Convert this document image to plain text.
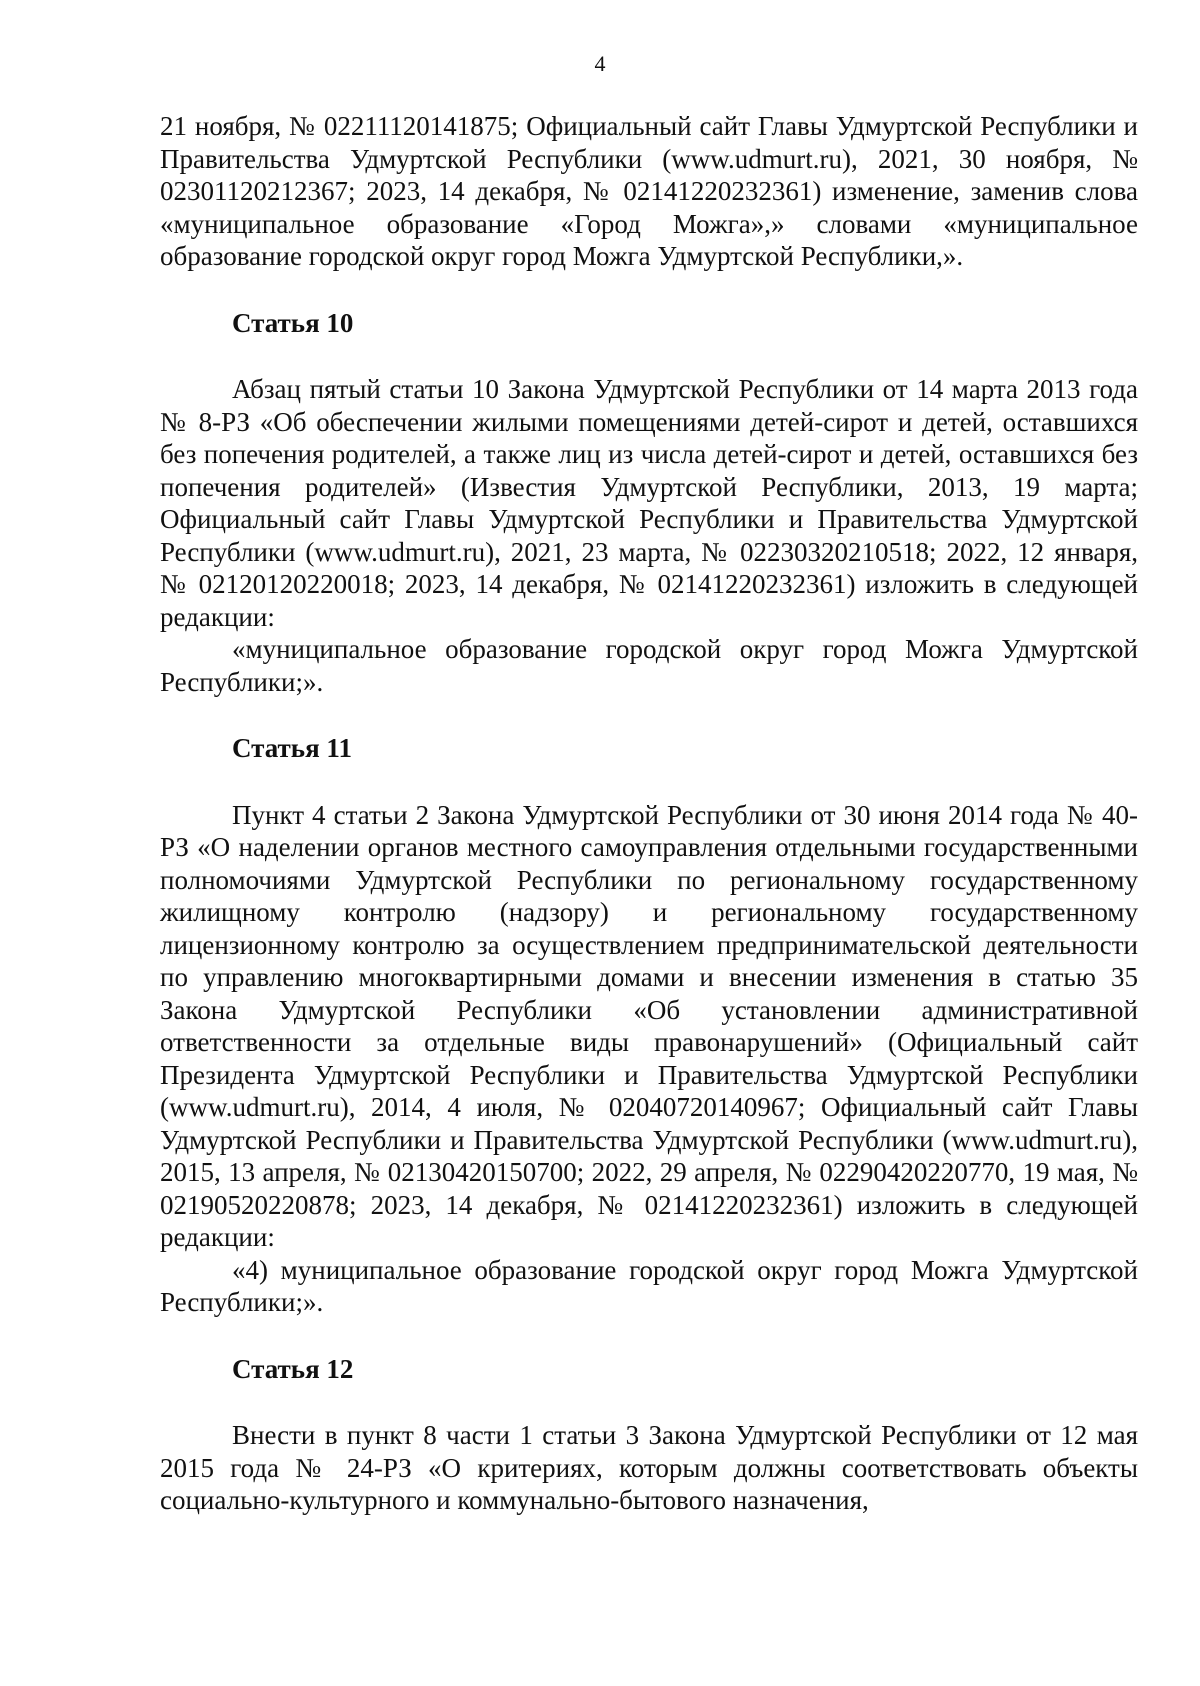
4

21 ноября, № 02211120141875; Официальный сайт Главы Удмуртской Республики и Правительства Удмуртской Республики (www.udmurt.ru), 2021, 30 ноября, № 02301120212367; 2023, 14 декабря, № 02141220232361) изменение, заменив слова «муниципальное образование «Город Можга»,» словами «муниципальное образование городской округ город Можга Удмуртской Республики,».

Статья 10

Абзац пятый статьи 10 Закона Удмуртской Республики от 14 марта 2013 года № 8-РЗ «Об обеспечении жилыми помещениями детей-сирот и детей, оставшихся без попечения родителей, а также лиц из числа детей-сирот и детей, оставшихся без попечения родителей» (Известия Удмуртской Республики, 2013, 19 марта; Официальный сайт Главы Удмуртской Республики и Правительства Удмуртской Республики (www.udmurt.ru), 2021, 23 марта, № 02230320210518; 2022, 12 января, № 02120120220018; 2023, 14 декабря, № 02141220232361) изложить в следующей редакции:

«муниципальное образование городской округ город Можга Удмуртской Республики;».

Статья 11

Пункт 4 статьи 2 Закона Удмуртской Республики от 30 июня 2014 года № 40-РЗ «О наделении органов местного самоуправления отдельными государственными полномочиями Удмуртской Республики по региональному государственному жилищному контролю (надзору) и региональному государственному лицензионному контролю за осуществлением предпринимательской деятельности по управлению многоквартирными домами и внесении изменения в статью 35 Закона Удмуртской Республики «Об установлении административной ответственности за отдельные виды правонарушений» (Официальный сайт Президента Удмуртской Республики и Правительства Удмуртской Республики (www.udmurt.ru), 2014, 4 июля, № 02040720140967; Официальный сайт Главы Удмуртской Республики и Правительства Удмуртской Республики (www.udmurt.ru), 2015, 13 апреля, № 02130420150700; 2022, 29 апреля, № 02290420220770, 19 мая, № 02190520220878; 2023, 14 декабря, № 02141220232361) изложить в следующей редакции:

«4) муниципальное образование городской округ город Можга Удмуртской Республики;».

Статья 12

Внести в пункт 8 части 1 статьи 3 Закона Удмуртской Республики от 12 мая 2015 года № 24-РЗ «О критериях, которым должны соответствовать объекты социально-культурного и коммунально-бытового назначения,
